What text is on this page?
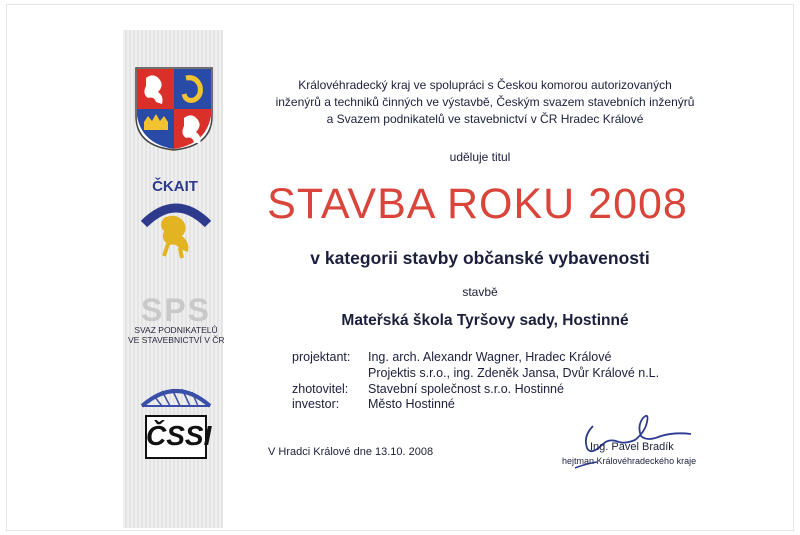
ČKAIT
SPS
SVAZ PODNIKATELŮ
VE STAVEBNICTVÍ V ČR
ČSSI
Královéhradecký kraj ve spolupráci s Českou komorou autorizovaných
inženýrů a techniků činných ve výstavbě, Českým svazem stavebních inženýrů
a Svazem podnikatelů ve stavebnictví v ČR Hradec Králové
uděluje titul
STAVBA ROKU 2008
v kategorii stavby občanské vybavenosti
stavbě
Mateřská škola Tyršovy sady, Hostinné
projektant: Ing. arch. Alexandr Wagner, Hradec Králové
Projektis s.r.o., ing. Zdeněk Jansa, Dvůr Králové n.L.
zhotovitel: Stavební společnost s.r.o. Hostinné
investor: Město Hostinné
V Hradci Králové dne 13.10. 2008	Ing. Pavel Bradík
hejtman Královéhradeckého kraje
